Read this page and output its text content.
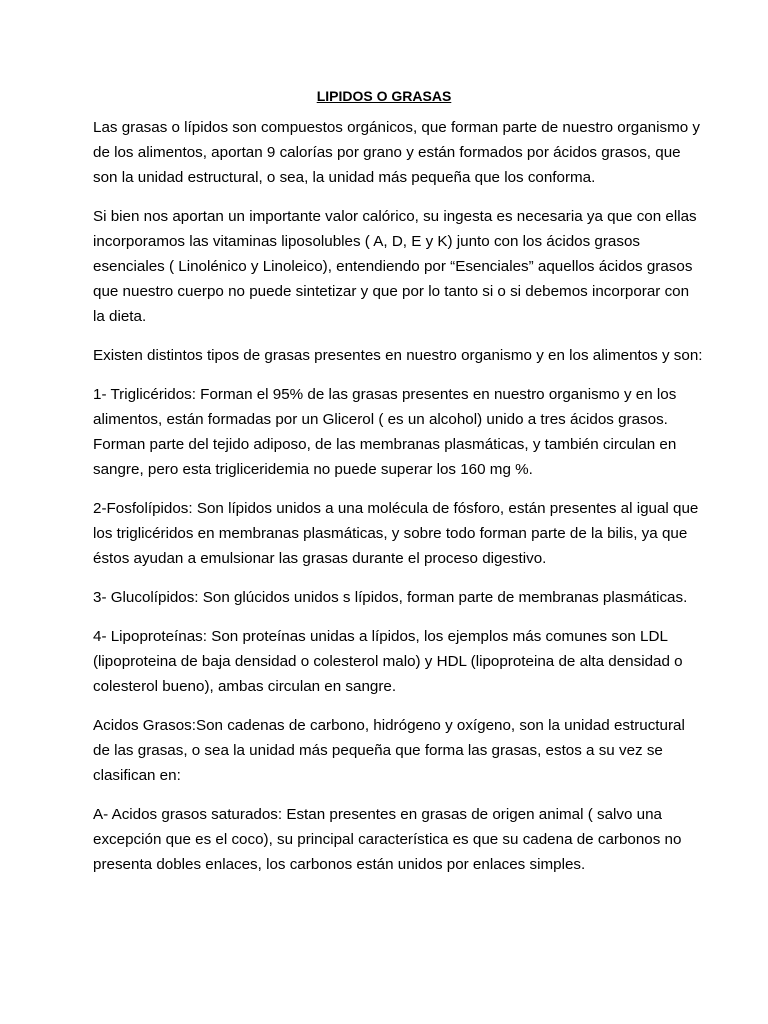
LIPIDOS O GRASAS

Las grasas o lípidos son compuestos orgánicos, que forman parte de nuestro organismo y de los alimentos, aportan 9 calorías por grano y están formados por ácidos grasos, que son la unidad estructural, o sea, la unidad más pequeña que los conforma.

Si bien nos aportan un importante valor calórico, su ingesta es necesaria ya que con ellas incorporamos las vitaminas liposolubles ( A, D, E y K) junto con los ácidos grasos esenciales ( Linolénico y Linoleico), entendiendo por “Esenciales” aquellos ácidos grasos que nuestro cuerpo no puede sintetizar y que por lo tanto si o si debemos incorporar con la dieta.

Existen distintos tipos de grasas presentes en nuestro organismo y en los alimentos y son:

1- Triglicéridos: Forman el 95% de las grasas presentes en nuestro organismo y en los alimentos, están formadas por un Glicerol ( es un alcohol) unido a tres ácidos grasos. Forman parte del tejido adiposo, de las membranas plasmáticas, y también circulan en sangre, pero esta trigliceridemia no puede superar los 160 mg %.

2-Fosfolípidos: Son lípidos unidos a una molécula de fósforo, están presentes al igual que los triglicéridos en membranas plasmáticas, y sobre todo forman parte de la bilis, ya que éstos ayudan a emulsionar las grasas durante el proceso digestivo.

3- Glucolípidos: Son glúcidos unidos s lípidos, forman parte de membranas plasmáticas.

4- Lipoproteínas: Son proteínas unidas a lípidos, los ejemplos más comunes son LDL (lipoproteina de baja densidad o colesterol malo) y HDL (lipoproteina de alta densidad o colesterol bueno), ambas circulan en sangre.

Acidos Grasos:Son cadenas de carbono, hidrógeno y oxígeno, son la unidad estructural de las grasas, o sea la unidad más pequeña que forma las grasas, estos a su vez se clasifican en:

A- Acidos grasos saturados: Estan presentes en grasas de origen animal ( salvo una excepción que es el coco), su principal característica es que su cadena de carbonos no presenta dobles enlaces, los carbonos están unidos por enlaces simples.
